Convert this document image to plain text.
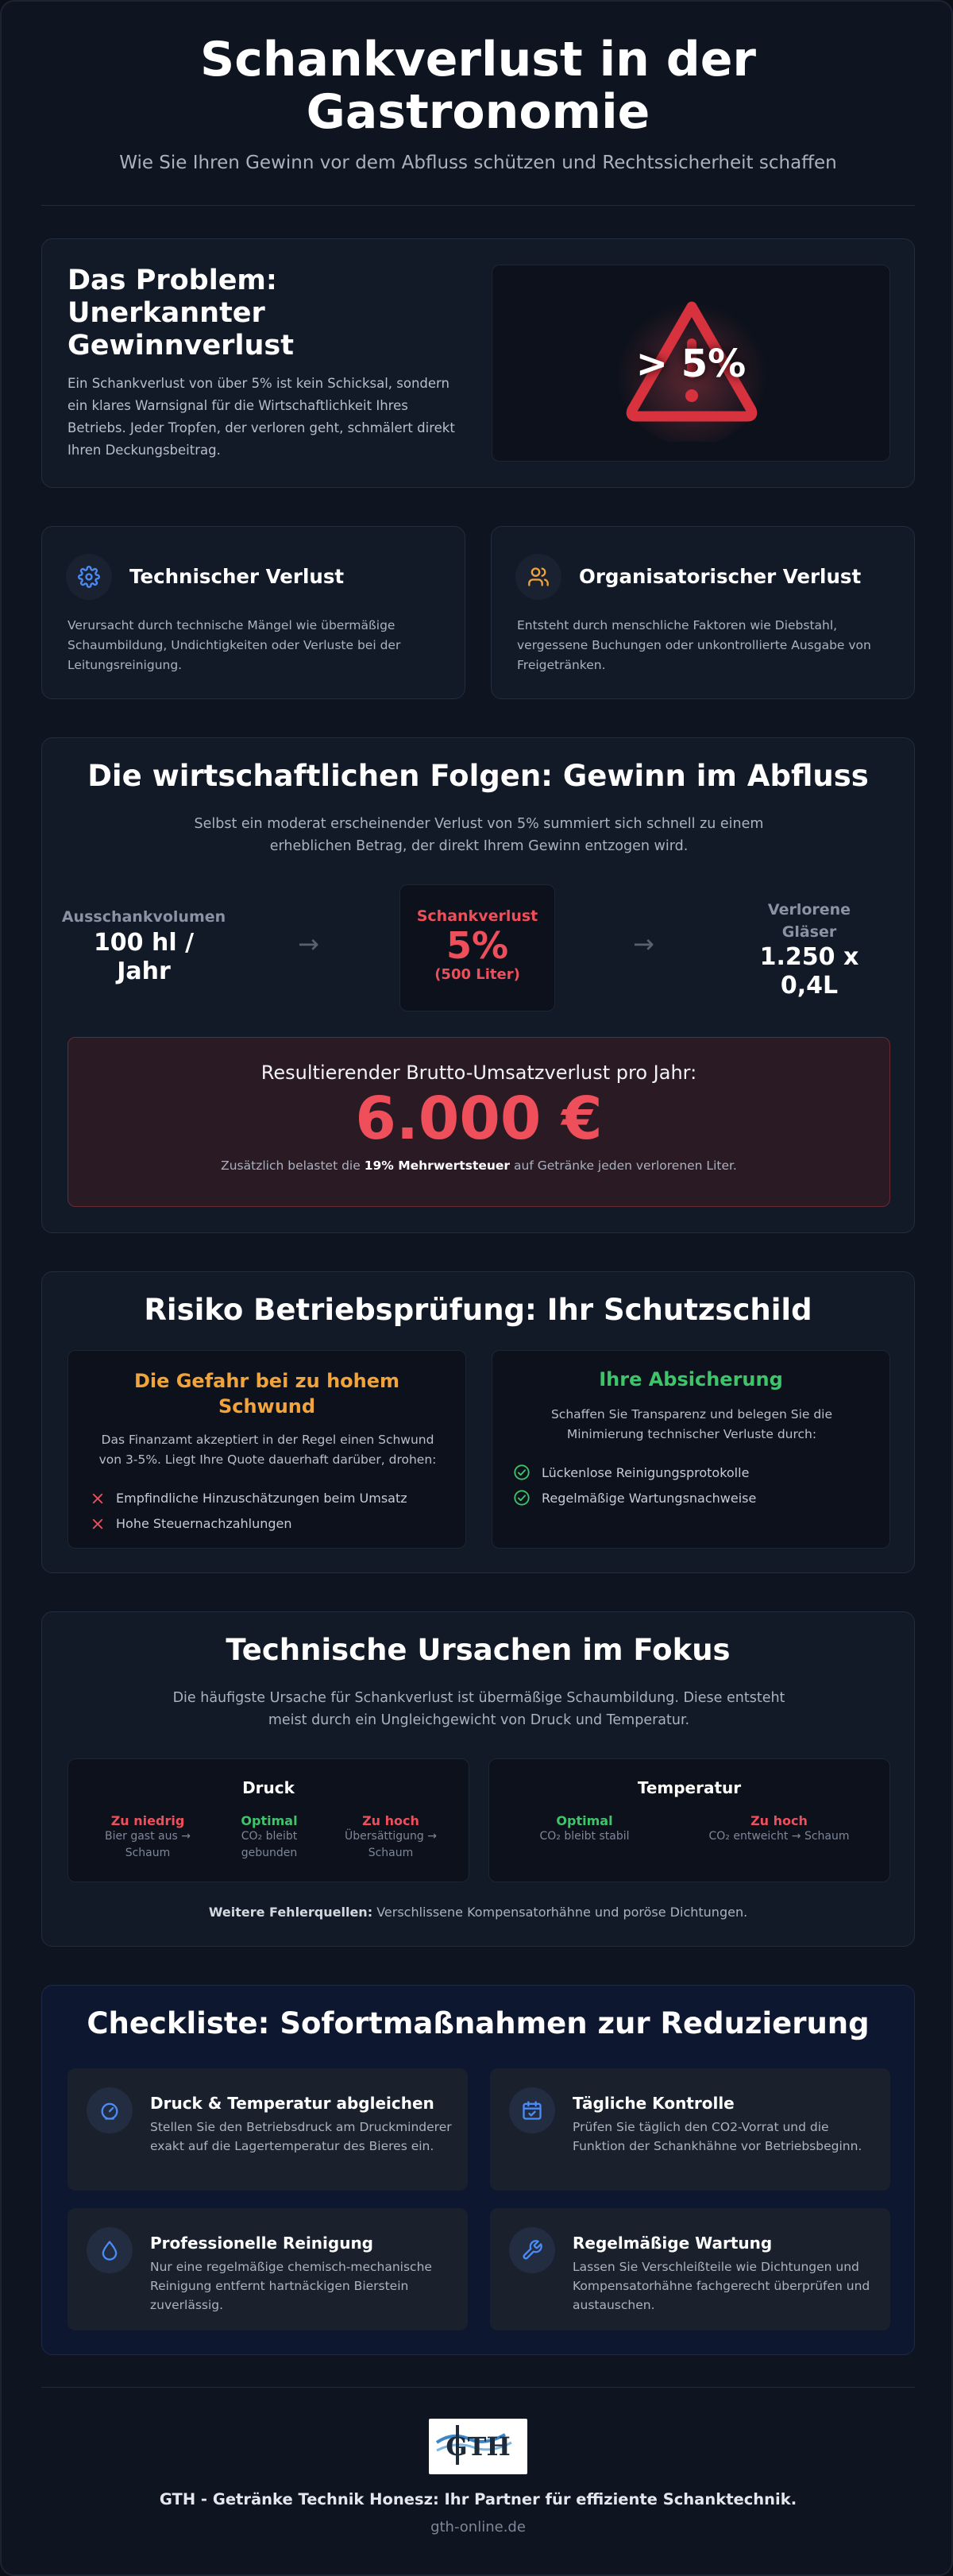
Schankverlust in der
Gastronomie
Wie Sie Ihren Gewinn vor dem Abfluss schützen und Rechtssicherheit schaffen
Das Problem: Unerkannter Gewinnverlust
Ein Schankverlust von über 5% ist kein Schicksal, sondern ein klares Warnsignal für die Wirtschaftlichkeit Ihres Betriebs. Jeder Tropfen, der verloren geht, schmälert direkt Ihren Deckungsbeitrag.
> 5%
Technischer Verlust
Verursacht durch technische Mängel wie übermäßige Schaumbildung, Undichtigkeiten oder Verluste bei der Leitungsreinigung.
Organisatorischer Verlust
Entsteht durch menschliche Faktoren wie Diebstahl, vergessene Buchungen oder unkontrollierte Ausgabe von Freigetränken.
Die wirtschaftlichen Folgen: Gewinn im Abfluss
Selbst ein moderat erscheinender Verlust von 5% summiert sich schnell zu einem erheblichen Betrag, der direkt Ihrem Gewinn entzogen wird.
Ausschankvolumen
100 hl /
Jahr
→
Schankverlust
5%
(500 Liter)
→
Verlorene
Gläser
1.250 x
0,4L
Resultierender Brutto-Umsatzverlust pro Jahr:
6.000 €
Zusätzlich belastet die 19% Mehrwertsteuer auf Getränke jeden verlorenen Liter.
Risiko Betriebsprüfung: Ihr Schutzschild
Die Gefahr bei zu hohem
Schwund
Das Finanzamt akzeptiert in der Regel einen Schwund von 3-5%. Liegt Ihre Quote dauerhaft darüber, drohen:
Empfindliche Hinzuschätzungen beim Umsatz
Hohe Steuernachzahlungen
Ihre Absicherung
Schaffen Sie Transparenz und belegen Sie die Minimierung technischer Verluste durch:
Lückenlose Reinigungsprotokolle
Regelmäßige Wartungsnachweise
Technische Ursachen im Fokus
Die häufigste Ursache für Schankverlust ist übermäßige Schaumbildung. Diese entsteht meist durch ein Ungleichgewicht von Druck und Temperatur.
Druck
Zu niedrig
Bier gast aus →
Schaum
Optimal
CO₂ bleibt
gebunden
Zu hoch
Übersättigung →
Schaum
Temperatur
Optimal
CO₂ bleibt stabil
Zu hoch
CO₂ entweicht → Schaum
Weitere Fehlerquellen: Verschlissene Kompensatorhähne und poröse Dichtungen.
Checkliste: Sofortmaßnahmen zur Reduzierung
Druck & Temperatur abgleichen
Stellen Sie den Betriebsdruck am Druckminderer exakt auf die Lagertemperatur des Bieres ein.
Tägliche Kontrolle
Prüfen Sie täglich den CO2-Vorrat und die Funktion der Schankhähne vor Betriebsbeginn.
Professionelle Reinigung
Nur eine regelmäßige chemisch-mechanische Reinigung entfernt hartnäckigen Bierstein zuverlässig.
Regelmäßige Wartung
Lassen Sie Verschleißteile wie Dichtungen und Kompensatorhähne fachgerecht überprüfen und austauschen.
GTH
GTH - Getränke Technik Honesz: Ihr Partner für effiziente Schanktechnik.
gth-online.de
